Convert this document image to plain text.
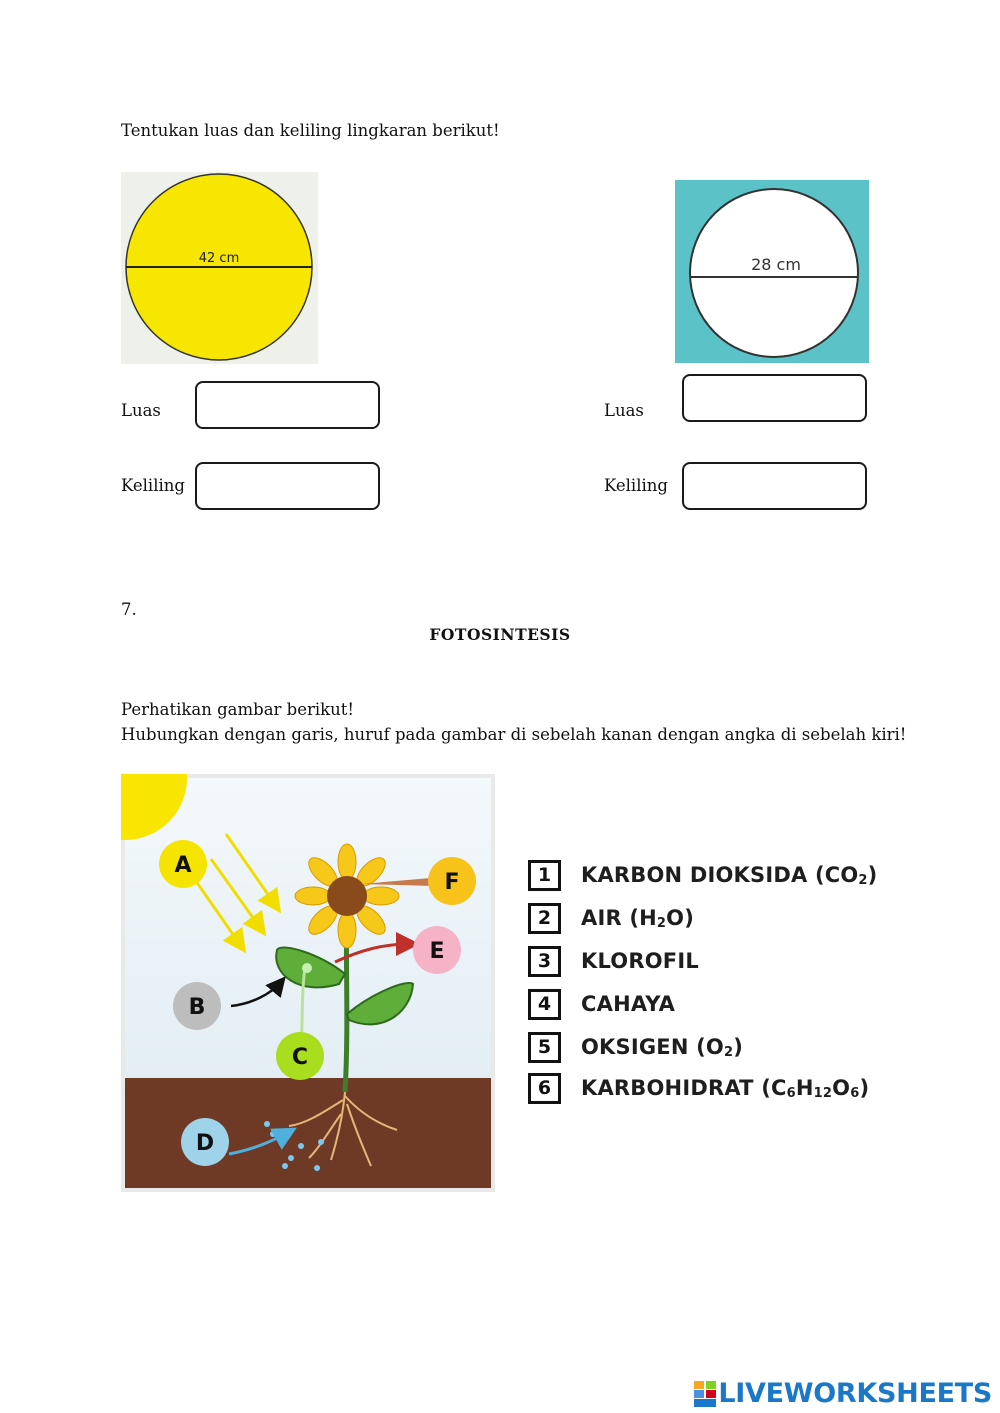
Tentukan luas dan keliling lingkaran berikut!
42 cm	28 cm
Luas
Keliling
Luas
Keliling
7.
FOTOSINTESIS
Perhatikan gambar berikut!
Hubungkan dengan garis, huruf pada gambar di sebelah kanan dengan angka di sebelah kiri!
A
B
C
D
E
F	1	KARBON DIOKSIDA $(CO_2)$
2	AIR $(H_2O)$
3	KLOROFIL
4	CAHAYA
5	OKSIGEN $(O_2)$
6	KARBOHIDRAT $(C_6H_{12}O_6)$
LIVEWORKSHEETS
